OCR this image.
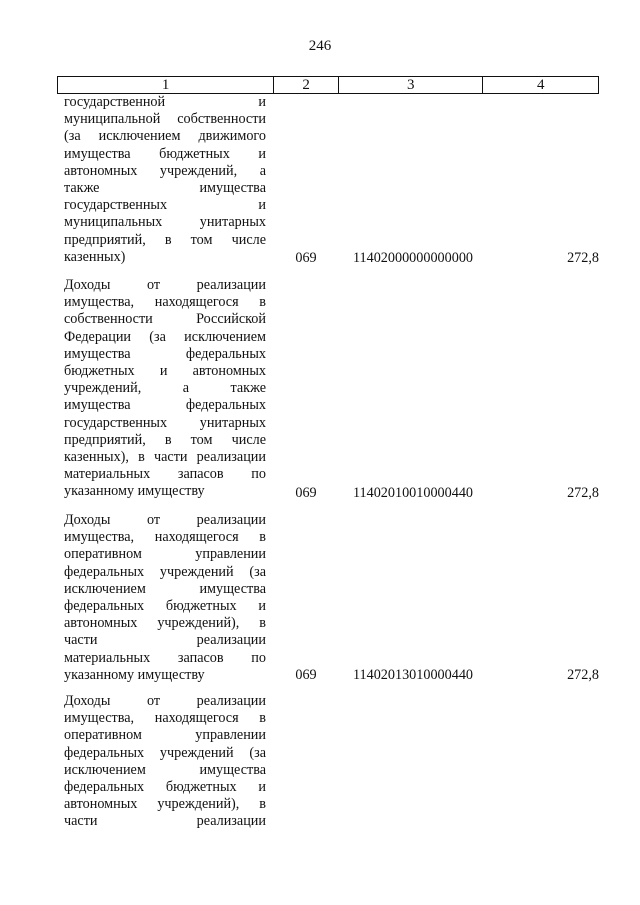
246
1	2	3	4
государственной и
муниципальной собственности
(за исключением движимого
имущества бюджетных и
автономных учреждений, а
также имущества
государственных и
муниципальных унитарных
предприятий, в том числе
казенных)	069	11402000000000000	272,8
Доходы от реализации
имущества, находящегося в
собственности Российской
Федерации (за исключением
имущества федеральных
бюджетных и автономных
учреждений, а также
имущества федеральных
государственных унитарных
предприятий, в том числе
казенных), в части реализации
материальных запасов по
указанному имуществу	069	11402010010000440	272,8
Доходы от реализации
имущества, находящегося в
оперативном управлении
федеральных учреждений (за
исключением имущества
федеральных бюджетных и
автономных учреждений), в
части реализации
материальных запасов по
указанному имуществу	069	11402013010000440	272,8
Доходы от реализации
имущества, находящегося в
оперативном управлении
федеральных учреждений (за
исключением имущества
федеральных бюджетных и
автономных учреждений), в
части реализации
